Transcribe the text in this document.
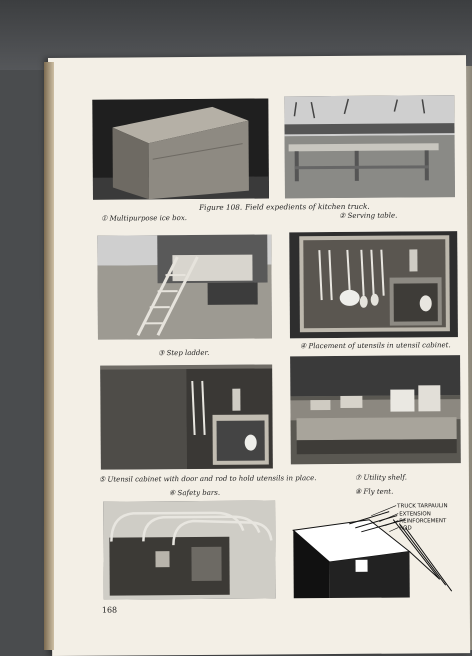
① Multipurpose ice box.
Figure 108. Field expedients of kitchen truck.
② Serving table.
③ Step ladder.
④ Placement of utensils in utensil cabinet.
⑤ Utensil cabinet with door and rod to hold utensils in place.
⑥ Safety bars.
⑦ Utility shelf.
⑧ Fly tent.
TRUCK TARPAULIN
EXTENSION
REINFORCEMENT
ROD
168
